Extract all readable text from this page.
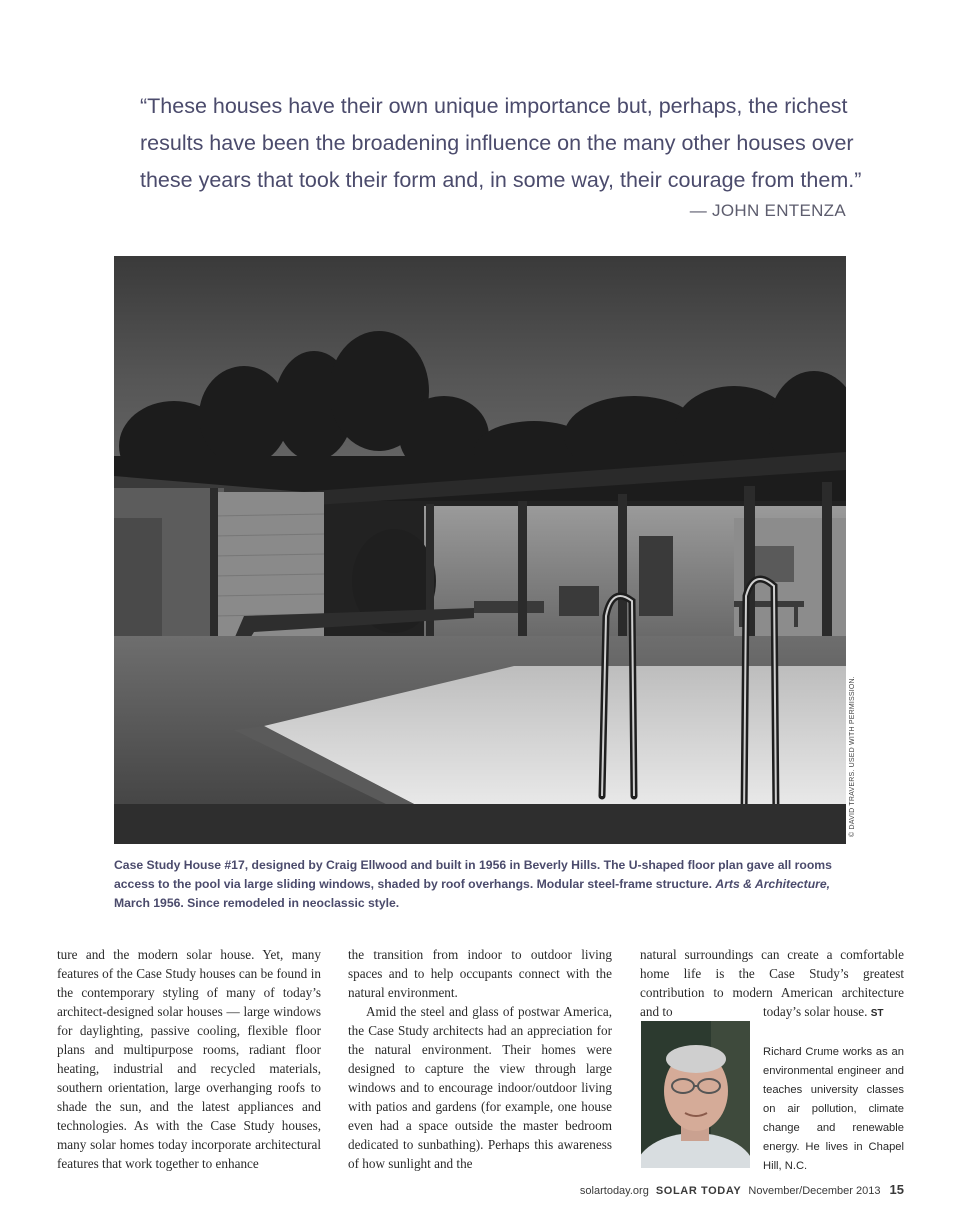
“These houses have their own unique importance but, perhaps, the richest
results have been the broadening influence on the many other houses over
these years that took their form and, in some way, their courage from them.”
— JOHN ENTENZA
© DAVID TRAVERS. USED WITH PERMISSION.
Case Study House #17, designed by Craig Ellwood and built in 1956 in Beverly Hills. The U-shaped floor plan gave all rooms access to the pool via large sliding windows, shaded by roof overhangs. Modular steel-frame structure. Arts & Architecture, March 1956. Since remodeled in neoclassic style.

ture and the modern solar house. Yet, many features of the Case Study houses can be found in the contemporary styling of many of today’s architect-designed solar houses — large windows for daylighting, passive cooling, flexible floor plans and multipurpose rooms, radiant floor heating, industrial and recycled materials, southern orientation, large overhanging roofs to shade the sun, and the latest appliances and technologies. As with the Case Study houses, many solar homes today incorporate architectural features that work together to enhance

the transition from indoor to outdoor living spaces and to help occupants connect with the natural environment.

Amid the steel and glass of postwar America, the Case Study architects had an appreciation for the natural environment. Their homes were designed to capture the view through large windows and to encourage indoor/outdoor living with patios and gardens (for example, one house even had a space outside the master bedroom dedicated to sunbathing). Perhaps this awareness of how sunlight and the

natural surroundings can create a comfortable home life is the Case Study’s greatest contribution to modern American architecture and to	today’s solar house. ST

Richard Crume works as an environmental engineer and teaches university classes on air pollution, climate change and renewable energy. He lives in Chapel Hill, N.C.

solartoday.org SOLAR TODAY November/December 2013 15
